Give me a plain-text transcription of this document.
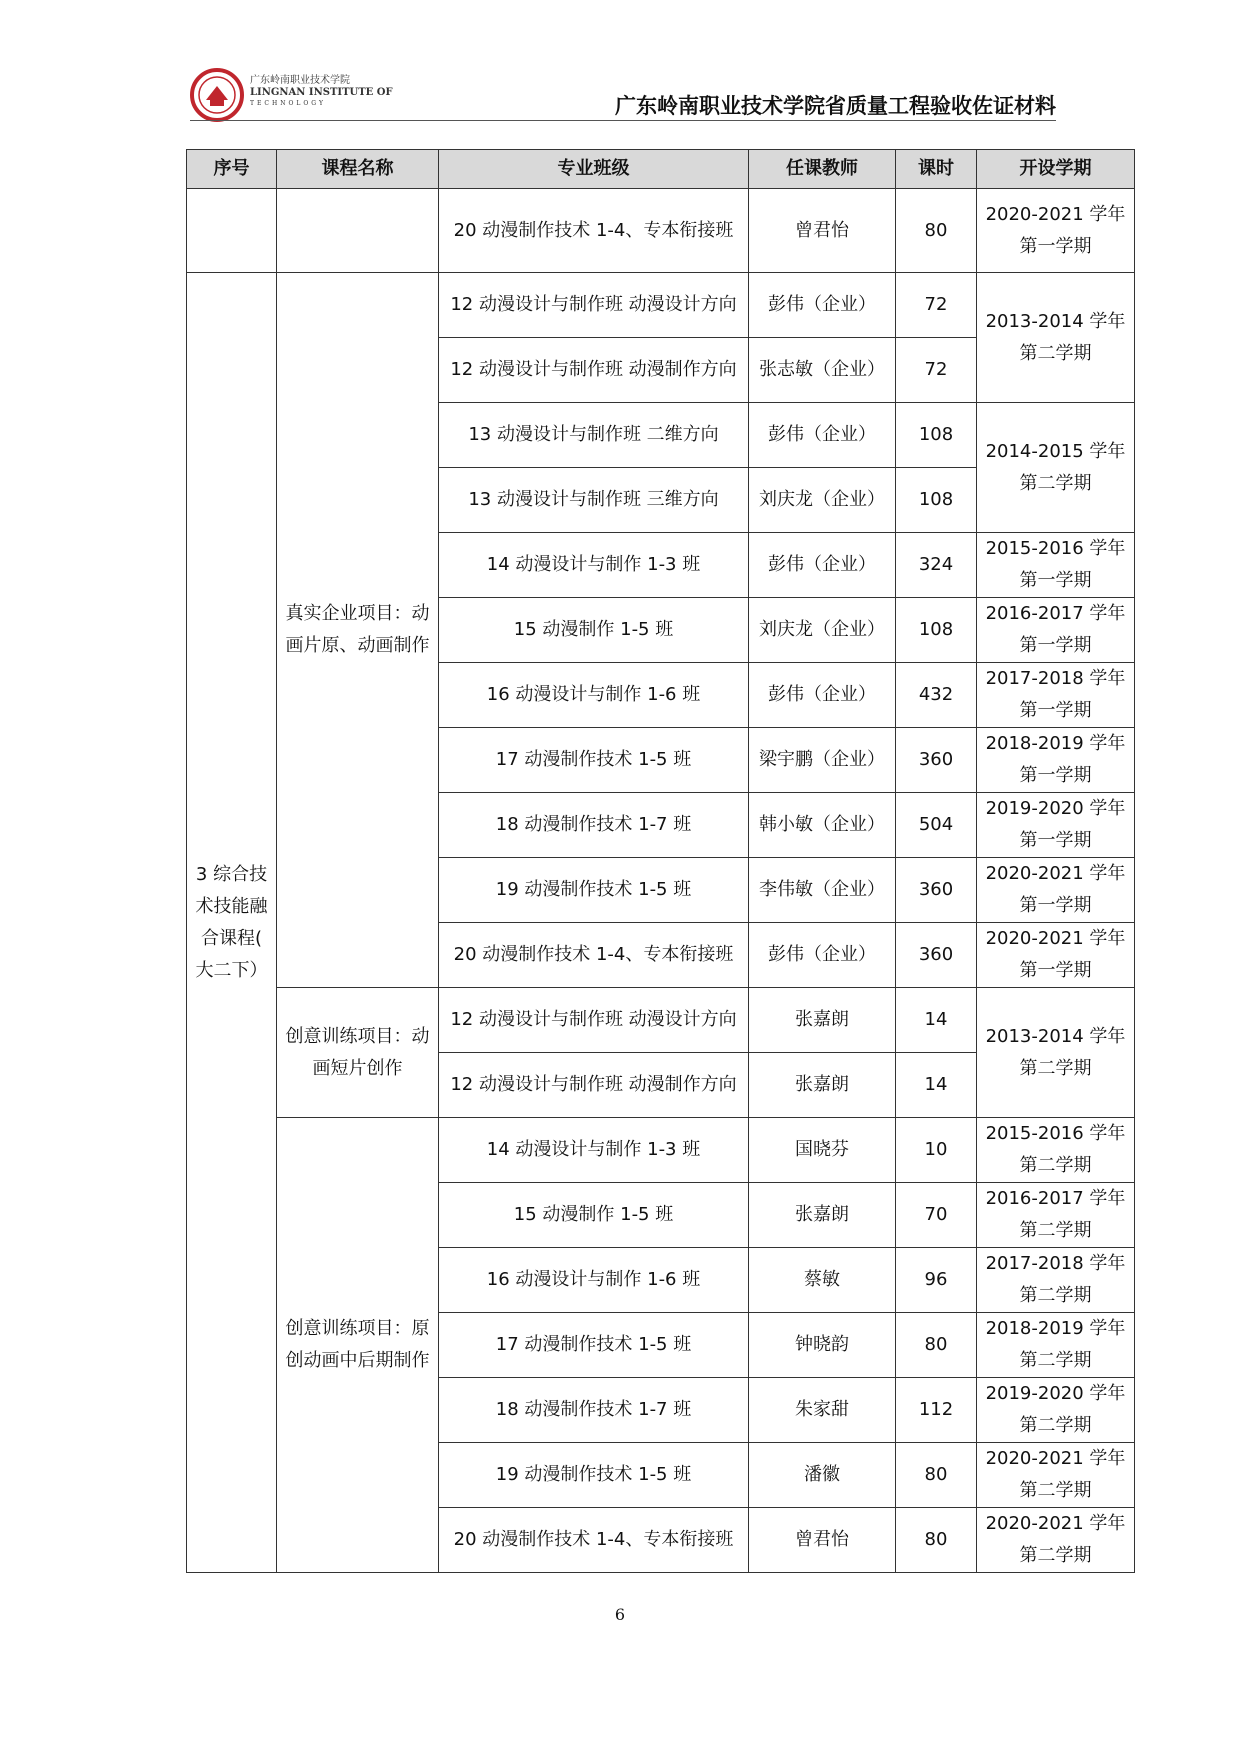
广东岭南职业技术学院
LINGNAN INSTITUTE OF
TECHNOLOGY	广东岭南职业技术学院省质量工程验收佐证材料
序号	课程名称	专业班级	任课教师	课时	开设学期
		20 动漫制作技术 1-4、专本衔接班	曾君怡	80	2020-2021 学年第一学期
3 综合技术技能融合课程( 大二下）	真实企业项目：动画片原、动画制作	12 动漫设计与制作班 动漫设计方向	彭伟（企业）	72	2013-2014 学年第二学期
		12 动漫设计与制作班 动漫制作方向	张志敏（企业）	72	
		13 动漫设计与制作班 二维方向	彭伟（企业）	108	2014-2015 学年第二学期
		13 动漫设计与制作班 三维方向	刘庆龙（企业）	108	
		14 动漫设计与制作 1-3 班	彭伟（企业）	324	2015-2016 学年第一学期
		15 动漫制作 1-5 班	刘庆龙（企业）	108	2016-2017 学年第一学期
		16 动漫设计与制作 1-6 班	彭伟（企业）	432	2017-2018 学年第一学期
		17 动漫制作技术 1-5 班	梁宇鹏（企业）	360	2018-2019 学年第一学期
		18 动漫制作技术 1-7 班	韩小敏（企业）	504	2019-2020 学年第一学期
		19 动漫制作技术 1-5 班	李伟敏（企业）	360	2020-2021 学年第一学期
		20 动漫制作技术 1-4、专本衔接班	彭伟（企业）	360	2020-2021 学年第一学期
	创意训练项目：动画短片创作	12 动漫设计与制作班 动漫设计方向	张嘉朗	14	2013-2014 学年第二学期
		12 动漫设计与制作班 动漫制作方向	张嘉朗	14	
	创意训练项目：原创动画中后期制作	14 动漫设计与制作 1-3 班	国晓芬	10	2015-2016 学年第二学期
		15 动漫制作 1-5 班	张嘉朗	70	2016-2017 学年第二学期
		16 动漫设计与制作 1-6 班	蔡敏	96	2017-2018 学年第二学期
		17 动漫制作技术 1-5 班	钟晓韵	80	2018-2019 学年第二学期
		18 动漫制作技术 1-7 班	朱家甜	112	2019-2020 学年第二学期
		19 动漫制作技术 1-5 班	潘徽	80	2020-2021 学年第二学期
		20 动漫制作技术 1-4、专本衔接班	曾君怡	80	2020-2021 学年第二学期
6
